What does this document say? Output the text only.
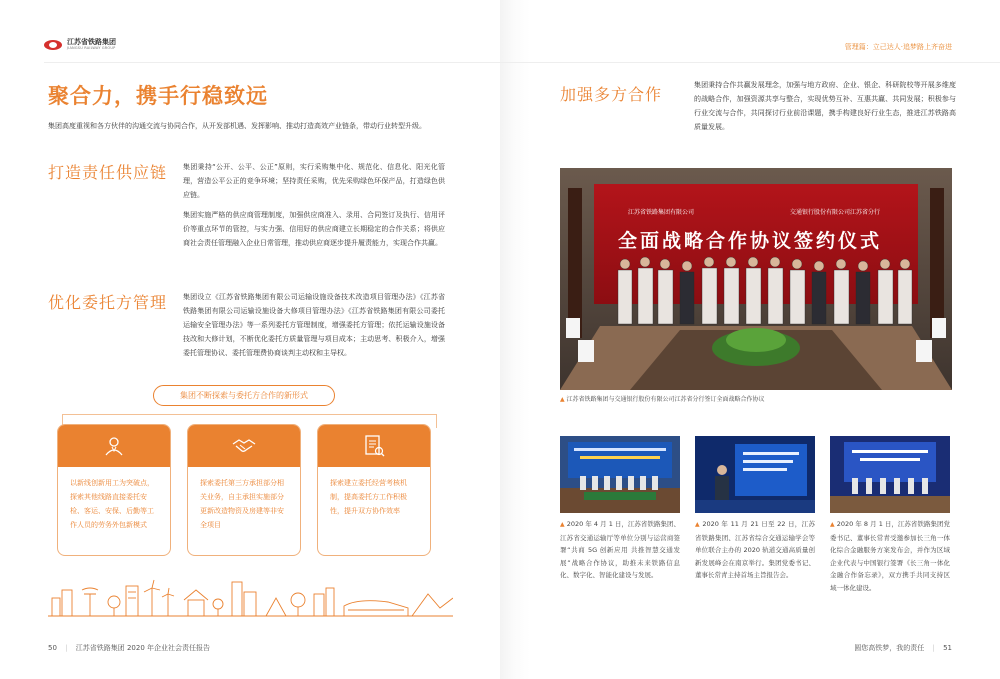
江苏省铁路集团
JIANGSU RAILWAY GROUP
聚合力，携手行稳致远
集团高度重视和各方伙伴的沟通交流与协同合作，从开发部机遇、发挥影响、推动打造高效产业链条，带动行业转型升级。
打造责任供应链 集团秉持“公开、公平、公正”原则，实行采购集中化、规范化、信息化、阳光化管理，营造公平公正的竞争环境；坚持责任采购，优先采购绿色环保产品，打造绿色供应链。
集团实施严格的供应商管理制度，加强供应商准入、录用、合同签订及执行、信用评价等重点环节的管控，与实力强、信用好的供应商建立长期稳定的合作关系；将供应商社会责任管理融入企业日常管理，推动供应商逐步提升履责能力，实现合作共赢。
优化委托方管理 集团设立《江苏省铁路集团有限公司运输设施设备技术改造项目管理办法》《江苏省铁路集团有限公司运输设施设备大修项目管理办法》《江苏省铁路集团有限公司委托运输安全管理办法》等一系列委托方管理制度，增强委托方管理；依托运输设施设备技改和大修计划，不断优化委托方质量管理与项目成本；主动思考、积极介入，增强委托管理协议、委托管理费协商谈判主动权和主导权。
集团不断探索与委托方合作的新形式
以新线创新用工为突破点，探索其他线路直接委托安检、客运、安保、后勤等工作人员的劳务外包新模式
探索委托第三方承担部分相关业务，自主承担实施部分更新改造物资及房建等非安全项目
探索建立委托经营考核机制，提高委托方工作积极性，提升双方协作效率
50 | 江苏省铁路集团 2020 年企业社会责任报告
管理篇：立己达人·追梦路上齐奋进
加强多方合作	集团秉持合作共赢发展理念，加强与地方政府、企业、银企、科研院校等开展多维度的战略合作，加强资源共享与整合，实现优势互补、互惠共赢、共同发展；积极参与行业交流与合作，共同探讨行业前沿课题，携手构建良好行业生态，推进江苏铁路高质量发展。
江苏省铁路集团有限公司	交通银行股份有限公司江苏省分行
全面战略合作协议签约仪式
▲ 江苏省铁路集团与交通银行股份有限公司江苏省分行签订全面战略合作协议
▲ 2020 年 4 月 1 日，江苏省铁路集团、江苏省交通运输厅等单位分别与运营商签署“共商 5G 创新应用 共推智慧交通发展”战略合作协议，助推未来铁路信息化、数字化、智能化建设与发展。
▲ 2020 年 11 月 21 日至 22 日，江苏省铁路集团、江苏省综合交通运输学会等单位联合主办的 2020 轨道交通高质量创新发展峰会在南京举行。集团党委书记、董事长常青主持首场主旨报告会。
▲ 2020 年 8 月 1 日，江苏省铁路集团党委书记、董事长常青受邀参加长三角一体化综合金融服务方案发布会，并作为区域企业代表与中国银行签署《长三角一体化金融合作备忘录》，双方携手共同支持区域一体化建设。
圆您高铁梦，我的责任 | 51
